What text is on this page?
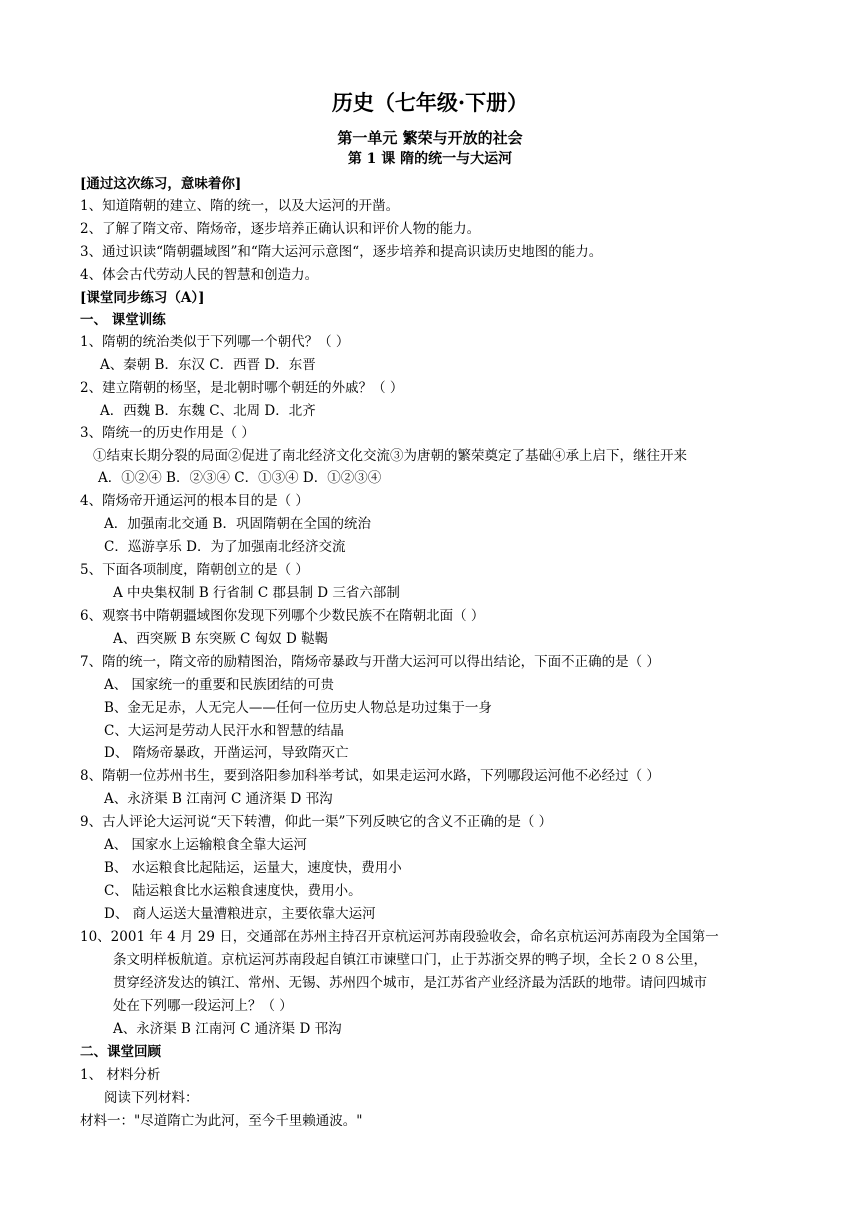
历史（七年级·下册）
第一单元 繁荣与开放的社会
第 1 课 隋的统一与大运河
[通过这次练习，意味着你]
1、知道隋朝的建立、隋的统一，以及大运河的开凿。
2、了解了隋文帝、隋炀帝，逐步培养正确认识和评价人物的能力。
3、通过识读“隋朝疆域图”和“隋大运河示意图“，逐步培养和提高识读历史地图的能力。
4、体会古代劳动人民的智慧和创造力。
[课堂同步练习（A）]
一、 课堂训练
1、隋朝的统治类似于下列哪一个朝代？（ ）
A、秦朝 B．东汉 C．西晋 D．东晋
2、建立隋朝的杨坚，是北朝时哪个朝廷的外戚？（ ）
A．西魏 B．东魏 C、北周 D．北齐
3、隋统一的历史作用是（ ）
①结束长期分裂的局面②促进了南北经济文化交流③为唐朝的繁荣奠定了基础④承上启下，继往开来
A．①②④ B．②③④ C．①③④ D．①②③④
4、隋炀帝开通运河的根本目的是（ ）
A．加强南北交通 B．巩固隋朝在全国的统治
C．巡游享乐 D．为了加强南北经济交流
5、下面各项制度，隋朝创立的是（ ）
A 中央集权制 B 行省制 C 郡县制 D 三省六部制
6、观察书中隋朝疆域图你发现下列哪个少数民族不在隋朝北面（ ）
A、西突厥 B 东突厥 C 匈奴 D 鞑鞨
7、隋的统一，隋文帝的励精图治，隋炀帝暴政与开凿大运河可以得出结论，下面不正确的是（ ）
A、 国家统一的重要和民族团结的可贵
B、金无足赤，人无完人——任何一位历史人物总是功过集于一身
C、大运河是劳动人民汗水和智慧的结晶
D、 隋炀帝暴政，开凿运河，导致隋灭亡
8、隋朝一位苏州书生，要到洛阳参加科举考试，如果走运河水路，下列哪段运河他不必经过（ ）
A、永济渠 B 江南河 C 通济渠 D 邗沟
9、古人评论大运河说“天下转漕，仰此一渠”下列反映它的含义不正确的是（ ）
A、 国家水上运输粮食全靠大运河
B、 水运粮食比起陆运，运量大，速度快，费用小
C、 陆运粮食比水运粮食速度快，费用小。
D、 商人运送大量漕粮进京，主要依靠大运河
10、2001 年 4 月 29 日，交通部在苏州主持召开京杭运河苏南段验收会，命名京杭运河苏南段为全国第一
条文明样板航道。京杭运河苏南段起自镇江市谏壁口门，止于苏浙交界的鸭子坝，全长２０８公里，
贯穿经济发达的镇江、常州、无锡、苏州四个城市，是江苏省产业经济最为活跃的地带。请问四城市
处在下列哪一段运河上？（ ）
A、永济渠 B 江南河 C 通济渠 D 邗沟
二、课堂回顾
1、 材料分析
阅读下列材料：
材料一："尽道隋亡为此河，至今千里赖通波。"
